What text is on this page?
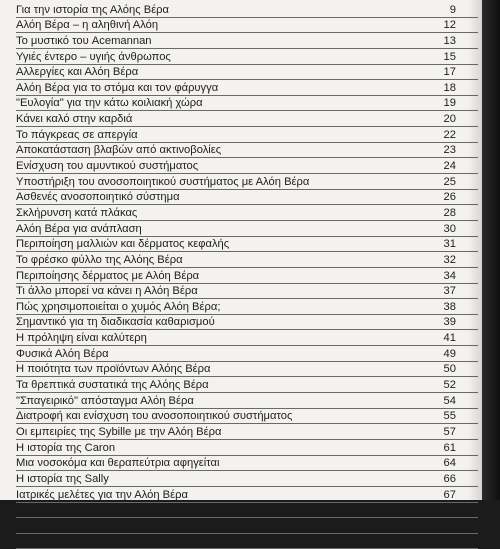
Για την ιστορία της Αλόης Βέρα	9
Αλόη Βέρα – η αληθινή Αλόη	12
Το μυστικό του Acemannan	13
Υγιές έντερο – υγιής άνθρωπος	15
Αλλεργίες και Αλόη Βέρα	17
Αλόη Βέρα για το στόμα και τον φάρυγγα	18
"Ευλογία" για την κάτω κοιλιακή χώρα	19
Κάνει καλό στην καρδιά	20
Το πάγκρεας σε απεργία	22
Αποκατάσταση βλαβών από ακτινοβολίες	23
Ενίσχυση του αμυντικού συστήματος	24
Υποστήριξη του ανοσοποιητικού συστήματος με Αλόη Βέρα	25
Ασθενές ανοσοποιητικό σύστημα	26
Σκλήρυνση κατά πλάκας	28
Αλόη Βέρα για ανάπλαση	30
Περιποίηση μαλλιών και δέρματος κεφαλής	31
Το φρέσκο φύλλο της Αλόης Βέρα	32
Περιποίησης δέρματος με Αλόη Βέρα	34
Τι άλλο μπορεί να κάνει η Αλόη Βέρα	37
Πώς χρησιμοποιείται ο χυμός Αλόη Βέρα;	38
Σημαντικό για τη διαδικασία καθαρισμού	39
Η πρόληψη είναι καλύτερη	41
Φυσικά Αλόη Βέρα	49
Η ποιότητα των προϊόντων Αλόης Βέρα	50
Τα θρεπτικά συστατικά της Αλόης Βέρα	52
"Σπαγειρικό" απόσταγμα Αλόη Βέρα	54
Διατροφή και ενίσχυση του ανοσοποιητικού συστήματος	55
Οι εμπειρίες της Sybille με την Αλόη Βέρα	57
Η ιστορία της Caron	61
Μια νοσοκόμα και θεραπεύτρια αφηγείται	64
Η ιστορία της Sally	66
Ιατρικές μελέτες για την Αλόη Βέρα	67
Ιατρικές μελέτες σε ζώα	69
Αλόη Βέρα - Βοήθεια από το Α ως το Ω	70
Ευχαριστίες	73
